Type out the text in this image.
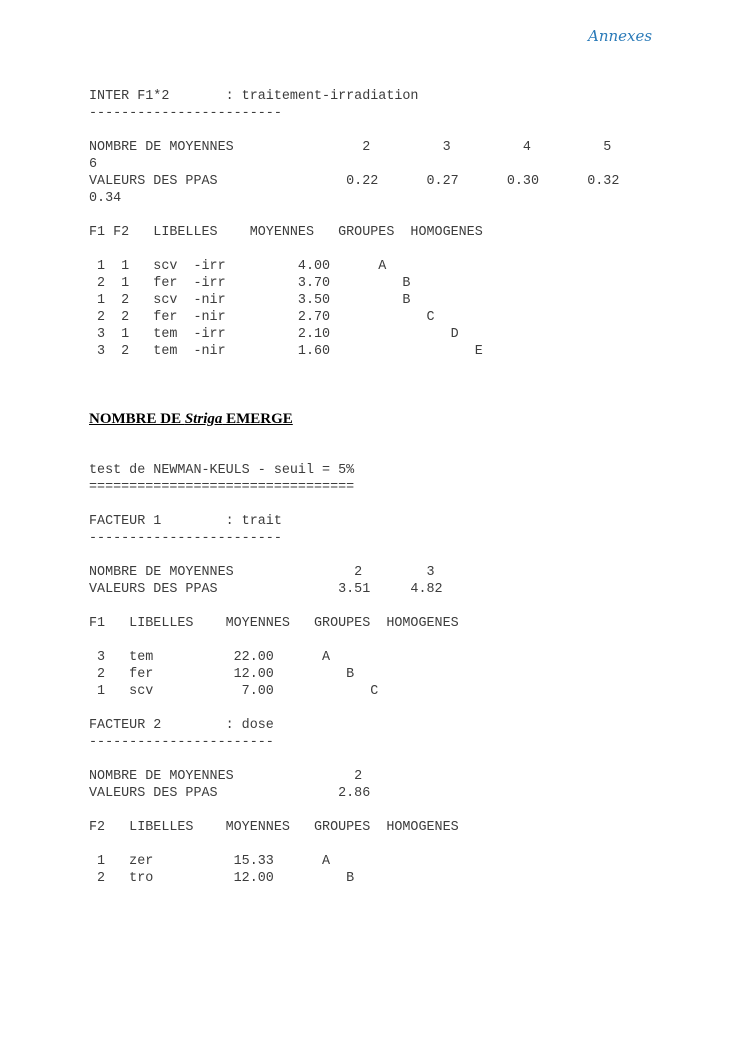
Annexes
INTER F1*2       : traitement-irradiation
------------------------
NOMBRE DE MOYENNES                2         3         4         5
6
VALEURS DES PPAS                0.22      0.27      0.30      0.32
0.34
F1 F2   LIBELLES    MOYENNES   GROUPES  HOMOGENES
1  1   scv  -irr         4.00      A
2  1   fer  -irr         3.70         B
1  2   scv  -nir         3.50         B
2  2   fer  -nir         2.70            C
3  1   tem  -irr         2.10               D
3  2   tem  -nir         1.60                  E
NOMBRE DE Striga EMERGE
test de NEWMAN-KEULS - seuil = 5%
=================================
FACTEUR 1        : trait
------------------------
NOMBRE DE MOYENNES               2        3
VALEURS DES PPAS               3.51     4.82
F1   LIBELLES    MOYENNES   GROUPES  HOMOGENES
3   tem          22.00      A
2   fer          12.00         B
1   scv           7.00            C
FACTEUR 2        : dose
-----------------------
NOMBRE DE MOYENNES               2
VALEURS DES PPAS               2.86
F2   LIBELLES    MOYENNES   GROUPES  HOMOGENES
1   zer          15.33      A
2   tro          12.00         B
